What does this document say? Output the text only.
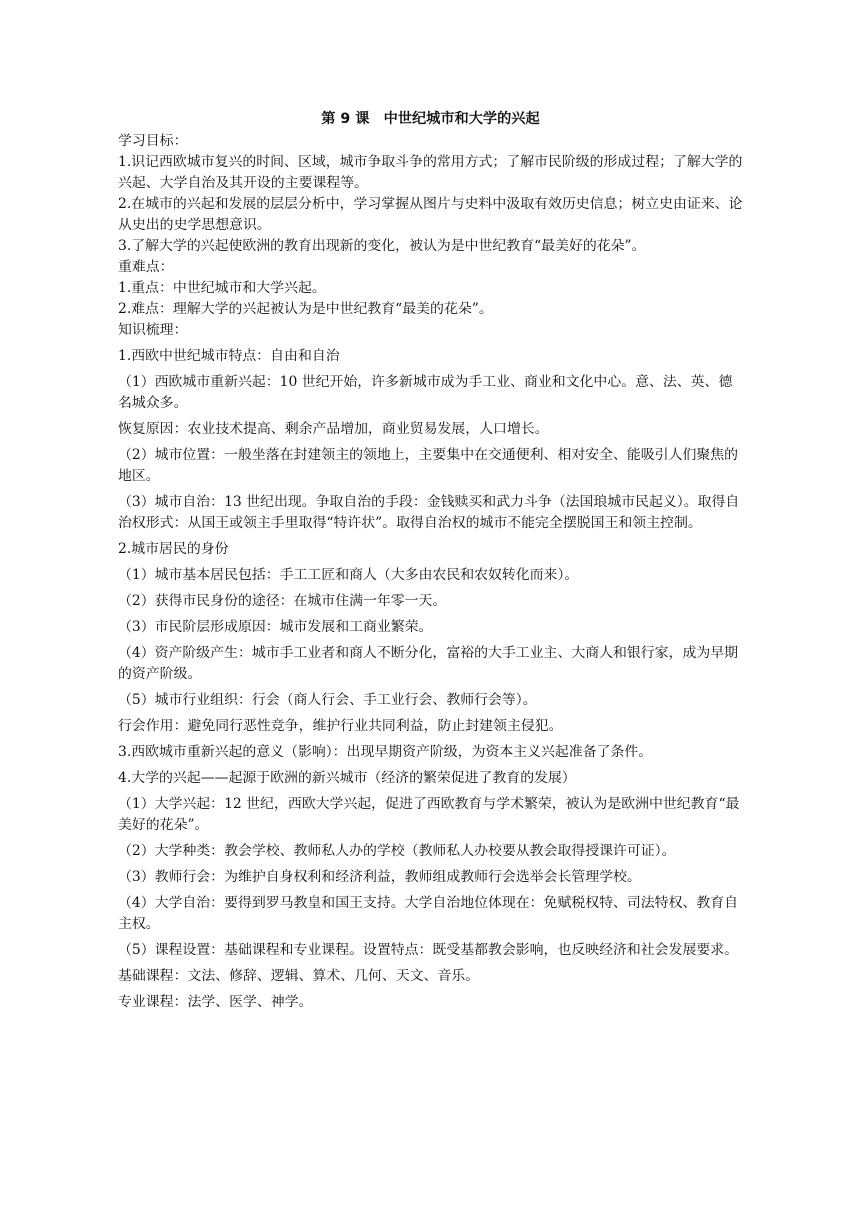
第 9 课　中世纪城市和大学的兴起

学习目标：

1.识记西欧城市复兴的时间、区域，城市争取斗争的常用方式；了解市民阶级的形成过程；了解大学的兴起、大学自治及其开设的主要课程等。

2.在城市的兴起和发展的层层分析中，学习掌握从图片与史料中汲取有效历史信息；树立史由证来、论从史出的史学思想意识。

3.了解大学的兴起使欧洲的教育出现新的变化，被认为是中世纪教育“最美好的花朵”。

重难点：

1.重点：中世纪城市和大学兴起。

2.难点：理解大学的兴起被认为是中世纪教育“最美的花朵”。

知识梳理：

1.西欧中世纪城市特点：自由和自治

（1）西欧城市重新兴起：10 世纪开始，许多新城市成为手工业、商业和文化中心。意、法、英、德名城众多。

恢复原因：农业技术提高、剩余产品增加，商业贸易发展，人口增长。

（2）城市位置：一般坐落在封建领主的领地上，主要集中在交通便利、相对安全、能吸引人们聚焦的地区。

（3）城市自治：13 世纪出现。争取自治的手段：金钱赎买和武力斗争（法国琅城市民起义）。取得自治权形式：从国王或领主手里取得“特许状”。取得自治权的城市不能完全摆脱国王和领主控制。

2.城市居民的身份

（1）城市基本居民包括：手工工匠和商人（大多由农民和农奴转化而来）。

（2）获得市民身份的途径：在城市住满一年零一天。

（3）市民阶层形成原因：城市发展和工商业繁荣。

（4）资产阶级产生：城市手工业者和商人不断分化，富裕的大手工业主、大商人和银行家，成为早期的资产阶级。

（5）城市行业组织：行会（商人行会、手工业行会、教师行会等）。

行会作用：避免同行恶性竞争，维护行业共同利益，防止封建领主侵犯。

3.西欧城市重新兴起的意义（影响）：出现早期资产阶级，为资本主义兴起准备了条件。

4.大学的兴起——起源于欧洲的新兴城市（经济的繁荣促进了教育的发展）

（1）大学兴起：12 世纪，西欧大学兴起，促进了西欧教育与学术繁荣，被认为是欧洲中世纪教育“最美好的花朵”。

（2）大学种类：教会学校、教师私人办的学校（教师私人办校要从教会取得授课许可证）。

（3）教师行会：为维护自身权利和经济利益，教师组成教师行会选举会长管理学校。

（4）大学自治：要得到罗马教皇和国王支持。大学自治地位体现在：免赋税权特、司法特权、教育自主权。

（5）课程设置：基础课程和专业课程。设置特点：既受基都教会影响，也反映经济和社会发展要求。

基础课程：文法、修辞、逻辑、算术、几何、天文、音乐。

专业课程：法学、医学、神学。
